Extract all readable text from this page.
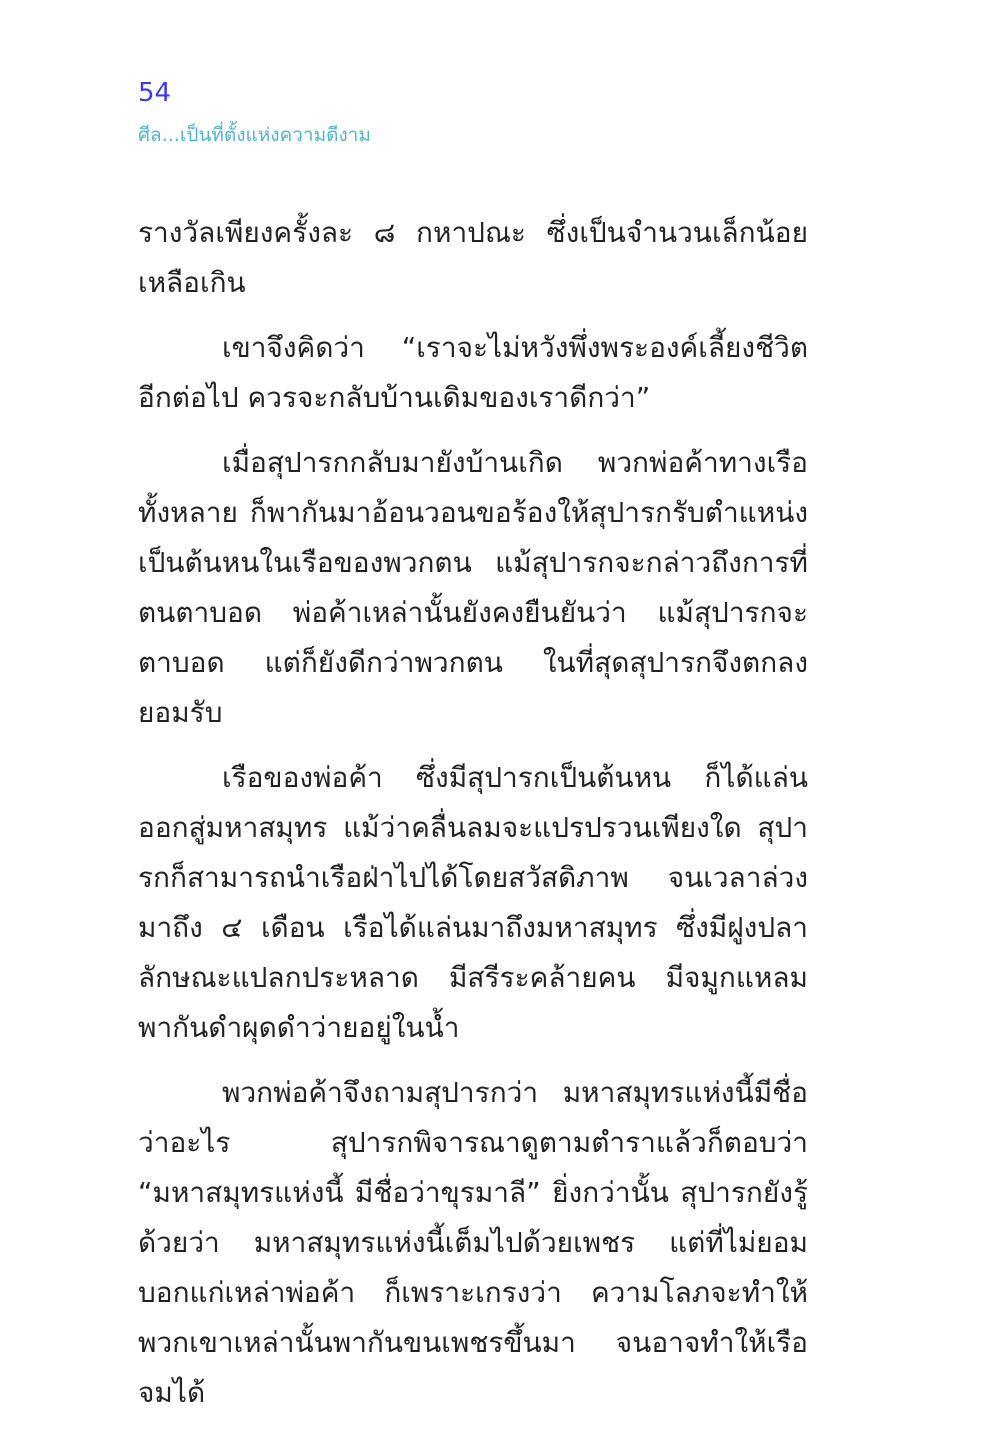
54
ศีล...เป็นที่ตั้งแห่งความดีงาม

รางวัลเพียงครั้งละ ๘ กหาปณะ ซึ่งเป็นจำนวนเล็กน้อยเหลือเกิน

เขาจึงคิดว่า “เราจะไม่หวังพึ่งพระองค์เลี้ยงชีวิตอีกต่อไป ควรจะกลับบ้านเดิมของเราดีกว่า”

เมื่อสุปารกกลับมายังบ้านเกิด พวกพ่อค้าทางเรือทั้งหลาย ก็พากันมาอ้อนวอนขอร้องให้สุปารกรับตำแหน่งเป็นต้นหนในเรือของพวกตน แม้สุปารกจะกล่าวถึงการที่ตนตาบอด พ่อค้าเหล่านั้นยังคงยืนยันว่า แม้สุปารกจะตาบอด แต่ก็ยังดีกว่าพวกตน ในที่สุดสุปารกจึงตกลงยอมรับ

เรือของพ่อค้า ซึ่งมีสุปารกเป็นต้นหน ก็ได้แล่นออกสู่มหาสมุทร แม้ว่าคลื่นลมจะแปรปรวนเพียงใด สุปารกก็สามารถนำเรือฝ่าไปได้โดยสวัสดิภาพ จนเวลาล่วงมาถึง ๔ เดือน เรือได้แล่นมาถึงมหาสมุทร ซึ่งมีฝูงปลาลักษณะแปลกประหลาด มีสรีระคล้ายคน มีจมูกแหลม พากันดำผุดดำว่ายอยู่ในน้ำ

พวกพ่อค้าจึงถามสุปารกว่า มหาสมุทรแห่งนี้มีชื่อว่าอะไร สุปารกพิจารณาดูตามตำราแล้วก็ตอบว่า “มหาสมุทรแห่งนี้ มีชื่อว่าขุรมาลี” ยิ่งกว่านั้น สุปารกยังรู้ด้วยว่า มหาสมุทรแห่งนี้เต็มไปด้วยเพชร แต่ที่ไม่ยอมบอกแก่เหล่าพ่อค้า ก็เพราะเกรงว่า ความโลภจะทำให้พวกเขาเหล่านั้นพากันขนเพชรขึ้นมา จนอาจทำให้เรือจมได้
